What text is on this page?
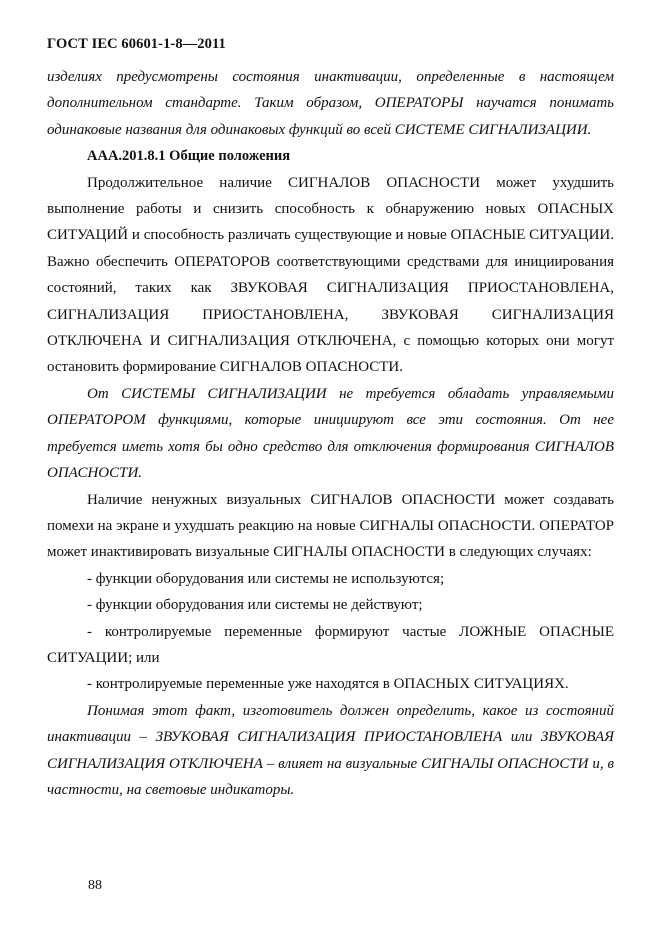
ГОСТ IEC 60601-1-8—2011

изделиях предусмотрены состояния инактивации, определенные в настоящем дополнительном стандарте. Таким образом, ОПЕРАТОРЫ научатся понимать одинаковые названия для одинаковых функций во всей СИСТЕМЕ СИГНАЛИЗАЦИИ.

ААА.201.8.1 Общие положения

Продолжительное наличие СИГНАЛОВ ОПАСНОСТИ может ухудшить выполнение работы и снизить способность к обнаружению новых ОПАСНЫХ СИТУАЦИЙ и способность различать существующие и новые ОПАСНЫЕ СИТУАЦИИ. Важно обеспечить ОПЕРАТОРОВ соответствующими средствами для инициирования состояний, таких как ЗВУКОВАЯ СИГНАЛИЗАЦИЯ ПРИОСТАНОВЛЕНА, СИГНАЛИЗАЦИЯ ПРИОСТАНОВЛЕНА, ЗВУКОВАЯ СИГНАЛИЗАЦИЯ ОТКЛЮЧЕНА И СИГНАЛИЗАЦИЯ ОТКЛЮЧЕНА, с помощью которых они могут остановить формирование СИГНАЛОВ ОПАСНОСТИ.

От СИСТЕМЫ СИГНАЛИЗАЦИИ не требуется обладать управляемыми ОПЕРАТОРОМ функциями, которые инициируют все эти состояния. От нее требуется иметь хотя бы одно средство для отключения формирования СИГНАЛОВ ОПАСНОСТИ.

Наличие ненужных визуальных СИГНАЛОВ ОПАСНОСТИ может создавать помехи на экране и ухудшать реакцию на новые СИГНАЛЫ ОПАСНОСТИ. ОПЕРАТОР может инактивировать визуальные СИГНАЛЫ ОПАСНОСТИ в следующих случаях:

- функции оборудования или системы не используются;

- функции оборудования или системы не действуют;

- контролируемые переменные формируют частые ЛОЖНЫЕ ОПАСНЫЕ СИТУАЦИИ; или

- контролируемые переменные уже находятся в ОПАСНЫХ СИТУАЦИЯХ.

Понимая этот факт, изготовитель должен определить, какое из состояний инактивации – ЗВУКОВАЯ СИГНАЛИЗАЦИЯ ПРИОСТАНОВЛЕНА или ЗВУКОВАЯ СИГНАЛИЗАЦИЯ ОТКЛЮЧЕНА – влияет на визуальные СИГНАЛЫ ОПАСНОСТИ и, в частности, на световые индикаторы.

88
